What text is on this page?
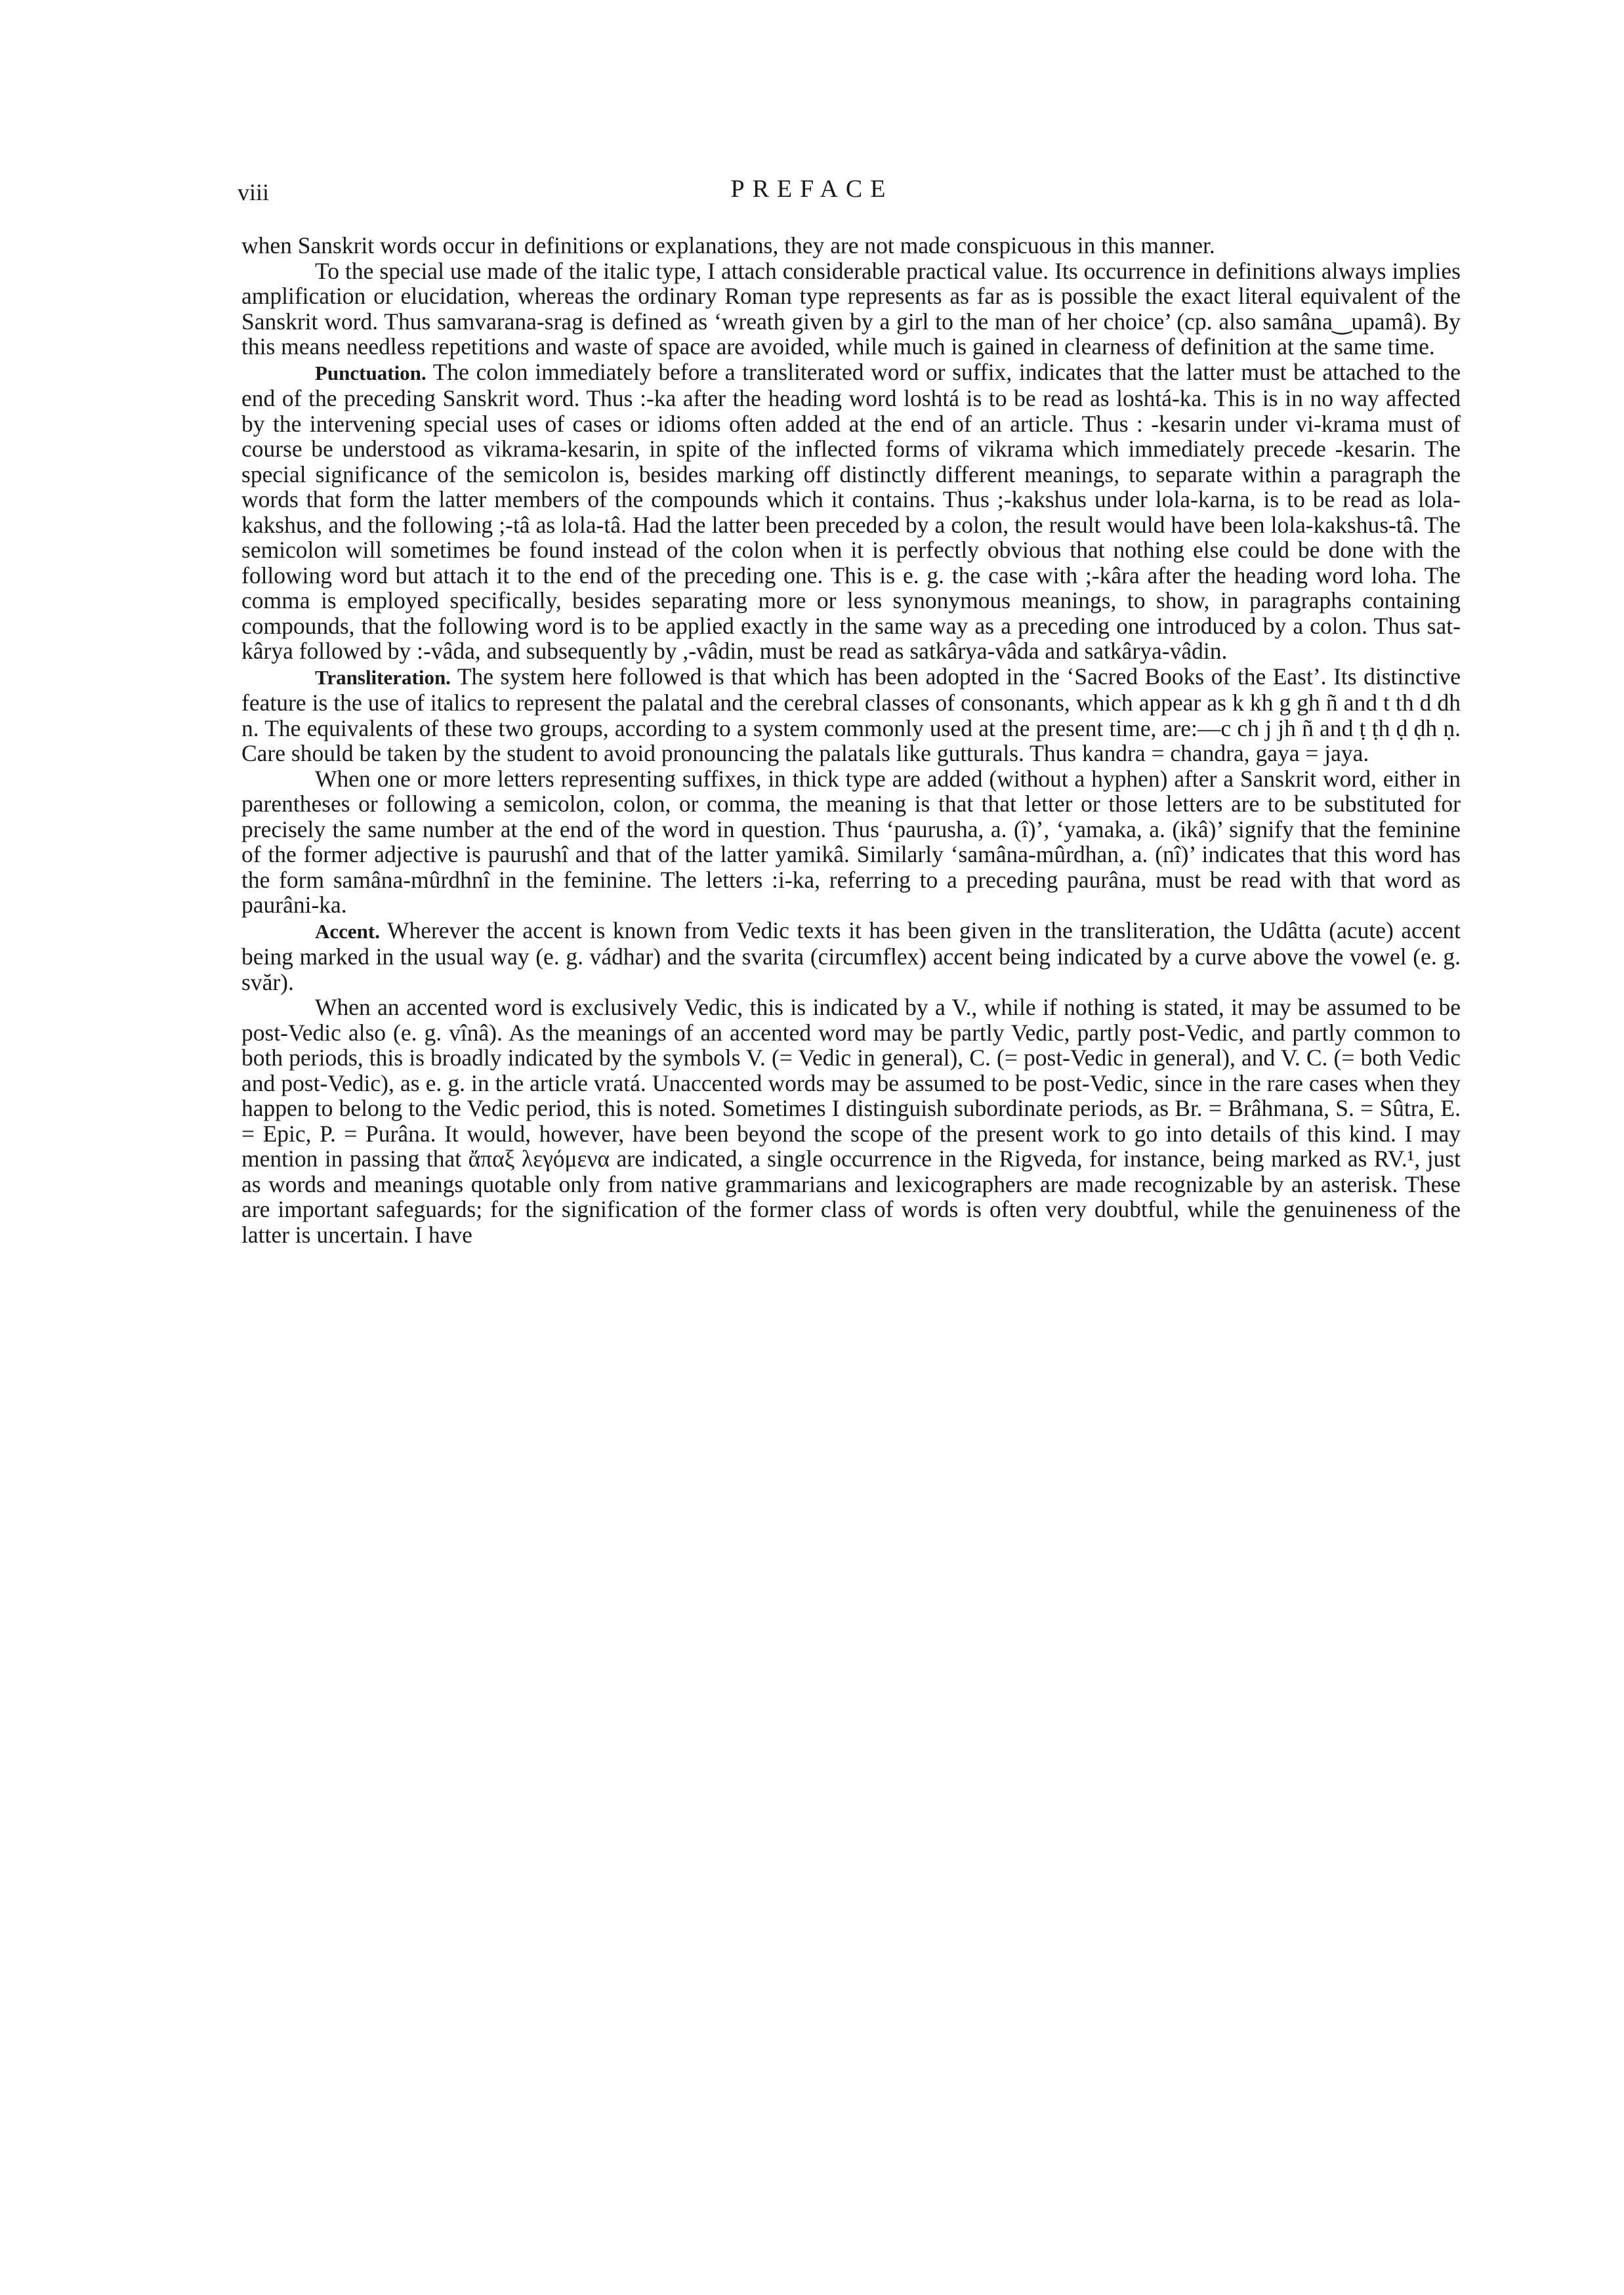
viii	PREFACE

when Sanskrit words occur in definitions or explanations, they are not made conspicuous in this manner.

To the special use made of the italic type, I attach considerable practical value. Its occurrence in definitions always implies amplification or elucidation, whereas the ordinary Roman type represents as far as is possible the exact literal equivalent of the Sanskrit word. Thus samvarana-srag is defined as ‘wreath given by a girl to the man of her choice’ (cp. also samâna‿upamâ). By this means needless repetitions and waste of space are avoided, while much is gained in clearness of definition at the same time.

Punctuation. The colon immediately before a transliterated word or suffix, indicates that the latter must be attached to the end of the preceding Sanskrit word. Thus :-ka after the heading word loshtá is to be read as loshtá-ka. This is in no way affected by the intervening special uses of cases or idioms often added at the end of an article. Thus : -kesarin under vi-krama must of course be understood as vikrama-kesarin, in spite of the inflected forms of vikrama which immediately precede -kesarin. The special significance of the semicolon is, besides marking off distinctly different meanings, to separate within a paragraph the words that form the latter members of the compounds which it contains. Thus ;-kakshus under lola-karna, is to be read as lola-kakshus, and the following ;-tâ as lola-tâ. Had the latter been preceded by a colon, the result would have been lola-kakshus-tâ. The semicolon will sometimes be found instead of the colon when it is perfectly obvious that nothing else could be done with the following word but attach it to the end of the preceding one. This is e. g. the case with ;-kâra after the heading word loha. The comma is employed specifically, besides separating more or less synonymous meanings, to show, in paragraphs containing compounds, that the following word is to be applied exactly in the same way as a preceding one introduced by a colon. Thus sat-kârya followed by :-vâda, and subsequently by ,-vâdin, must be read as satkârya-vâda and satkârya-vâdin.

Transliteration. The system here followed is that which has been adopted in the ‘Sacred Books of the East’. Its distinctive feature is the use of italics to represent the palatal and the cerebral classes of consonants, which appear as k kh g gh ñ and t th d dh n. The equivalents of these two groups, according to a system commonly used at the present time, are:—c ch j jh ñ and ṭ ṭh ḍ ḍh ṇ. Care should be taken by the student to avoid pronouncing the palatals like gutturals. Thus kandra = chandra, gaya = jaya.

When one or more letters representing suffixes, in thick type are added (without a hyphen) after a Sanskrit word, either in parentheses or following a semicolon, colon, or comma, the meaning is that that letter or those letters are to be substituted for precisely the same number at the end of the word in question. Thus ‘paurusha, a. (î)’, ‘yamaka, a. (ikâ)’ signify that the feminine of the former adjective is paurushî and that of the latter yamikâ. Similarly ‘samâna-mûrdhan, a. (nî)’ indicates that this word has the form samâna-mûrdhnî in the feminine. The letters :i-ka, referring to a preceding paurâna, must be read with that word as paurâni-ka.

Accent. Wherever the accent is known from Vedic texts it has been given in the transliteration, the Udâtta (acute) accent being marked in the usual way (e. g. vádhar) and the svarita (circumflex) accent being indicated by a curve above the vowel (e. g. svăr).

When an accented word is exclusively Vedic, this is indicated by a V., while if nothing is stated, it may be assumed to be post-Vedic also (e. g. vînâ). As the meanings of an accented word may be partly Vedic, partly post-Vedic, and partly common to both periods, this is broadly indicated by the symbols V. (= Vedic in general), C. (= post-Vedic in general), and V. C. (= both Vedic and post-Vedic), as e. g. in the article vratá. Unaccented words may be assumed to be post-Vedic, since in the rare cases when they happen to belong to the Vedic period, this is noted. Sometimes I distinguish subordinate periods, as Br. = Brâhmana, S. = Sûtra, E. = Epic, P. = Purâna. It would, however, have been beyond the scope of the present work to go into details of this kind. I may mention in passing that ἄπαξ λεγόμενα are indicated, a single occurrence in the Rigveda, for instance, being marked as RV.¹, just as words and meanings quotable only from native grammarians and lexicographers are made recognizable by an asterisk. These are important safeguards; for the signification of the former class of words is often very doubtful, while the genuineness of the latter is uncertain. I have
